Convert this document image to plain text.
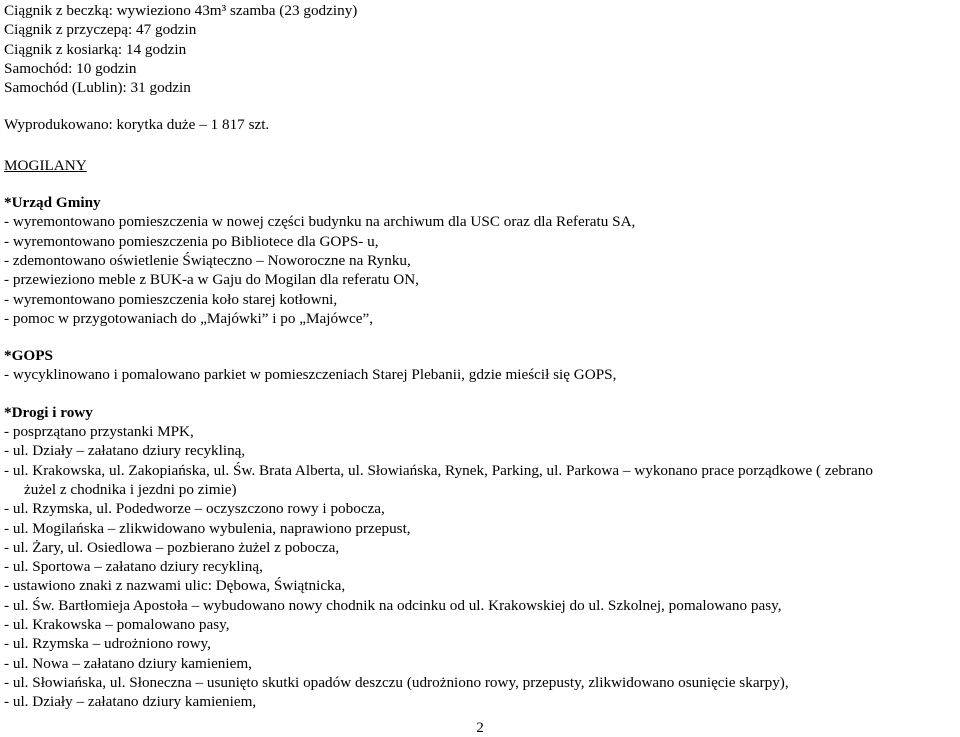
Ciągnik z beczką: wywieziono 43m³ szamba (23 godziny)
Ciągnik z przyczepą: 47 godzin
Ciągnik z kosiarką: 14 godzin
Samochód: 10 godzin
Samochód (Lublin): 31 godzin
Wyprodukowano: korytka duże – 1 817 szt.
MOGILANY
*Urząd Gminy
- wyremontowano pomieszczenia w nowej części budynku na archiwum dla USC oraz dla Referatu SA,
- wyremontowano pomieszczenia po Bibliotece dla GOPS- u,
- zdemontowano oświetlenie Świąteczno – Noworoczne na Rynku,
- przewieziono meble z BUK-a w Gaju do Mogilan dla referatu ON,
- wyremontowano pomieszczenia koło starej kotłowni,
- pomoc w przygotowaniach do „Majówki” i po „Majówce”,
*GOPS
- wycyklinowano i pomalowano parkiet w pomieszczeniach Starej Plebanii, gdzie mieścił się GOPS,
*Drogi i rowy
- posprzątano przystanki MPK,
- ul. Działy – załatano dziury recykliną,
- ul. Krakowska, ul. Zakopiańska, ul. Św. Brata Alberta, ul. Słowiańska, Rynek, Parking, ul. Parkowa – wykonano prace porządkowe ( zebrano
żużel z chodnika i jezdni po zimie)
- ul. Rzymska, ul. Podedworze – oczyszczono rowy i pobocza,
- ul. Mogilańska – zlikwidowano wybulenia, naprawiono przepust,
- ul. Żary, ul. Osiedlowa – pozbierano żużel z pobocza,
- ul. Sportowa – załatano dziury recykliną,
- ustawiono znaki z nazwami ulic: Dębowa, Świątnicka,
- ul. Św. Bartłomieja Apostoła – wybudowano nowy chodnik na odcinku od ul. Krakowskiej do ul. Szkolnej, pomalowano pasy,
- ul. Krakowska – pomalowano pasy,
- ul. Rzymska – udrożniono rowy,
- ul. Nowa – załatano dziury kamieniem,
- ul. Słowiańska, ul. Słoneczna – usunięto skutki opadów deszczu (udrożniono rowy, przepusty, zlikwidowano osunięcie skarpy),
- ul. Działy – załatano dziury kamieniem,
2
